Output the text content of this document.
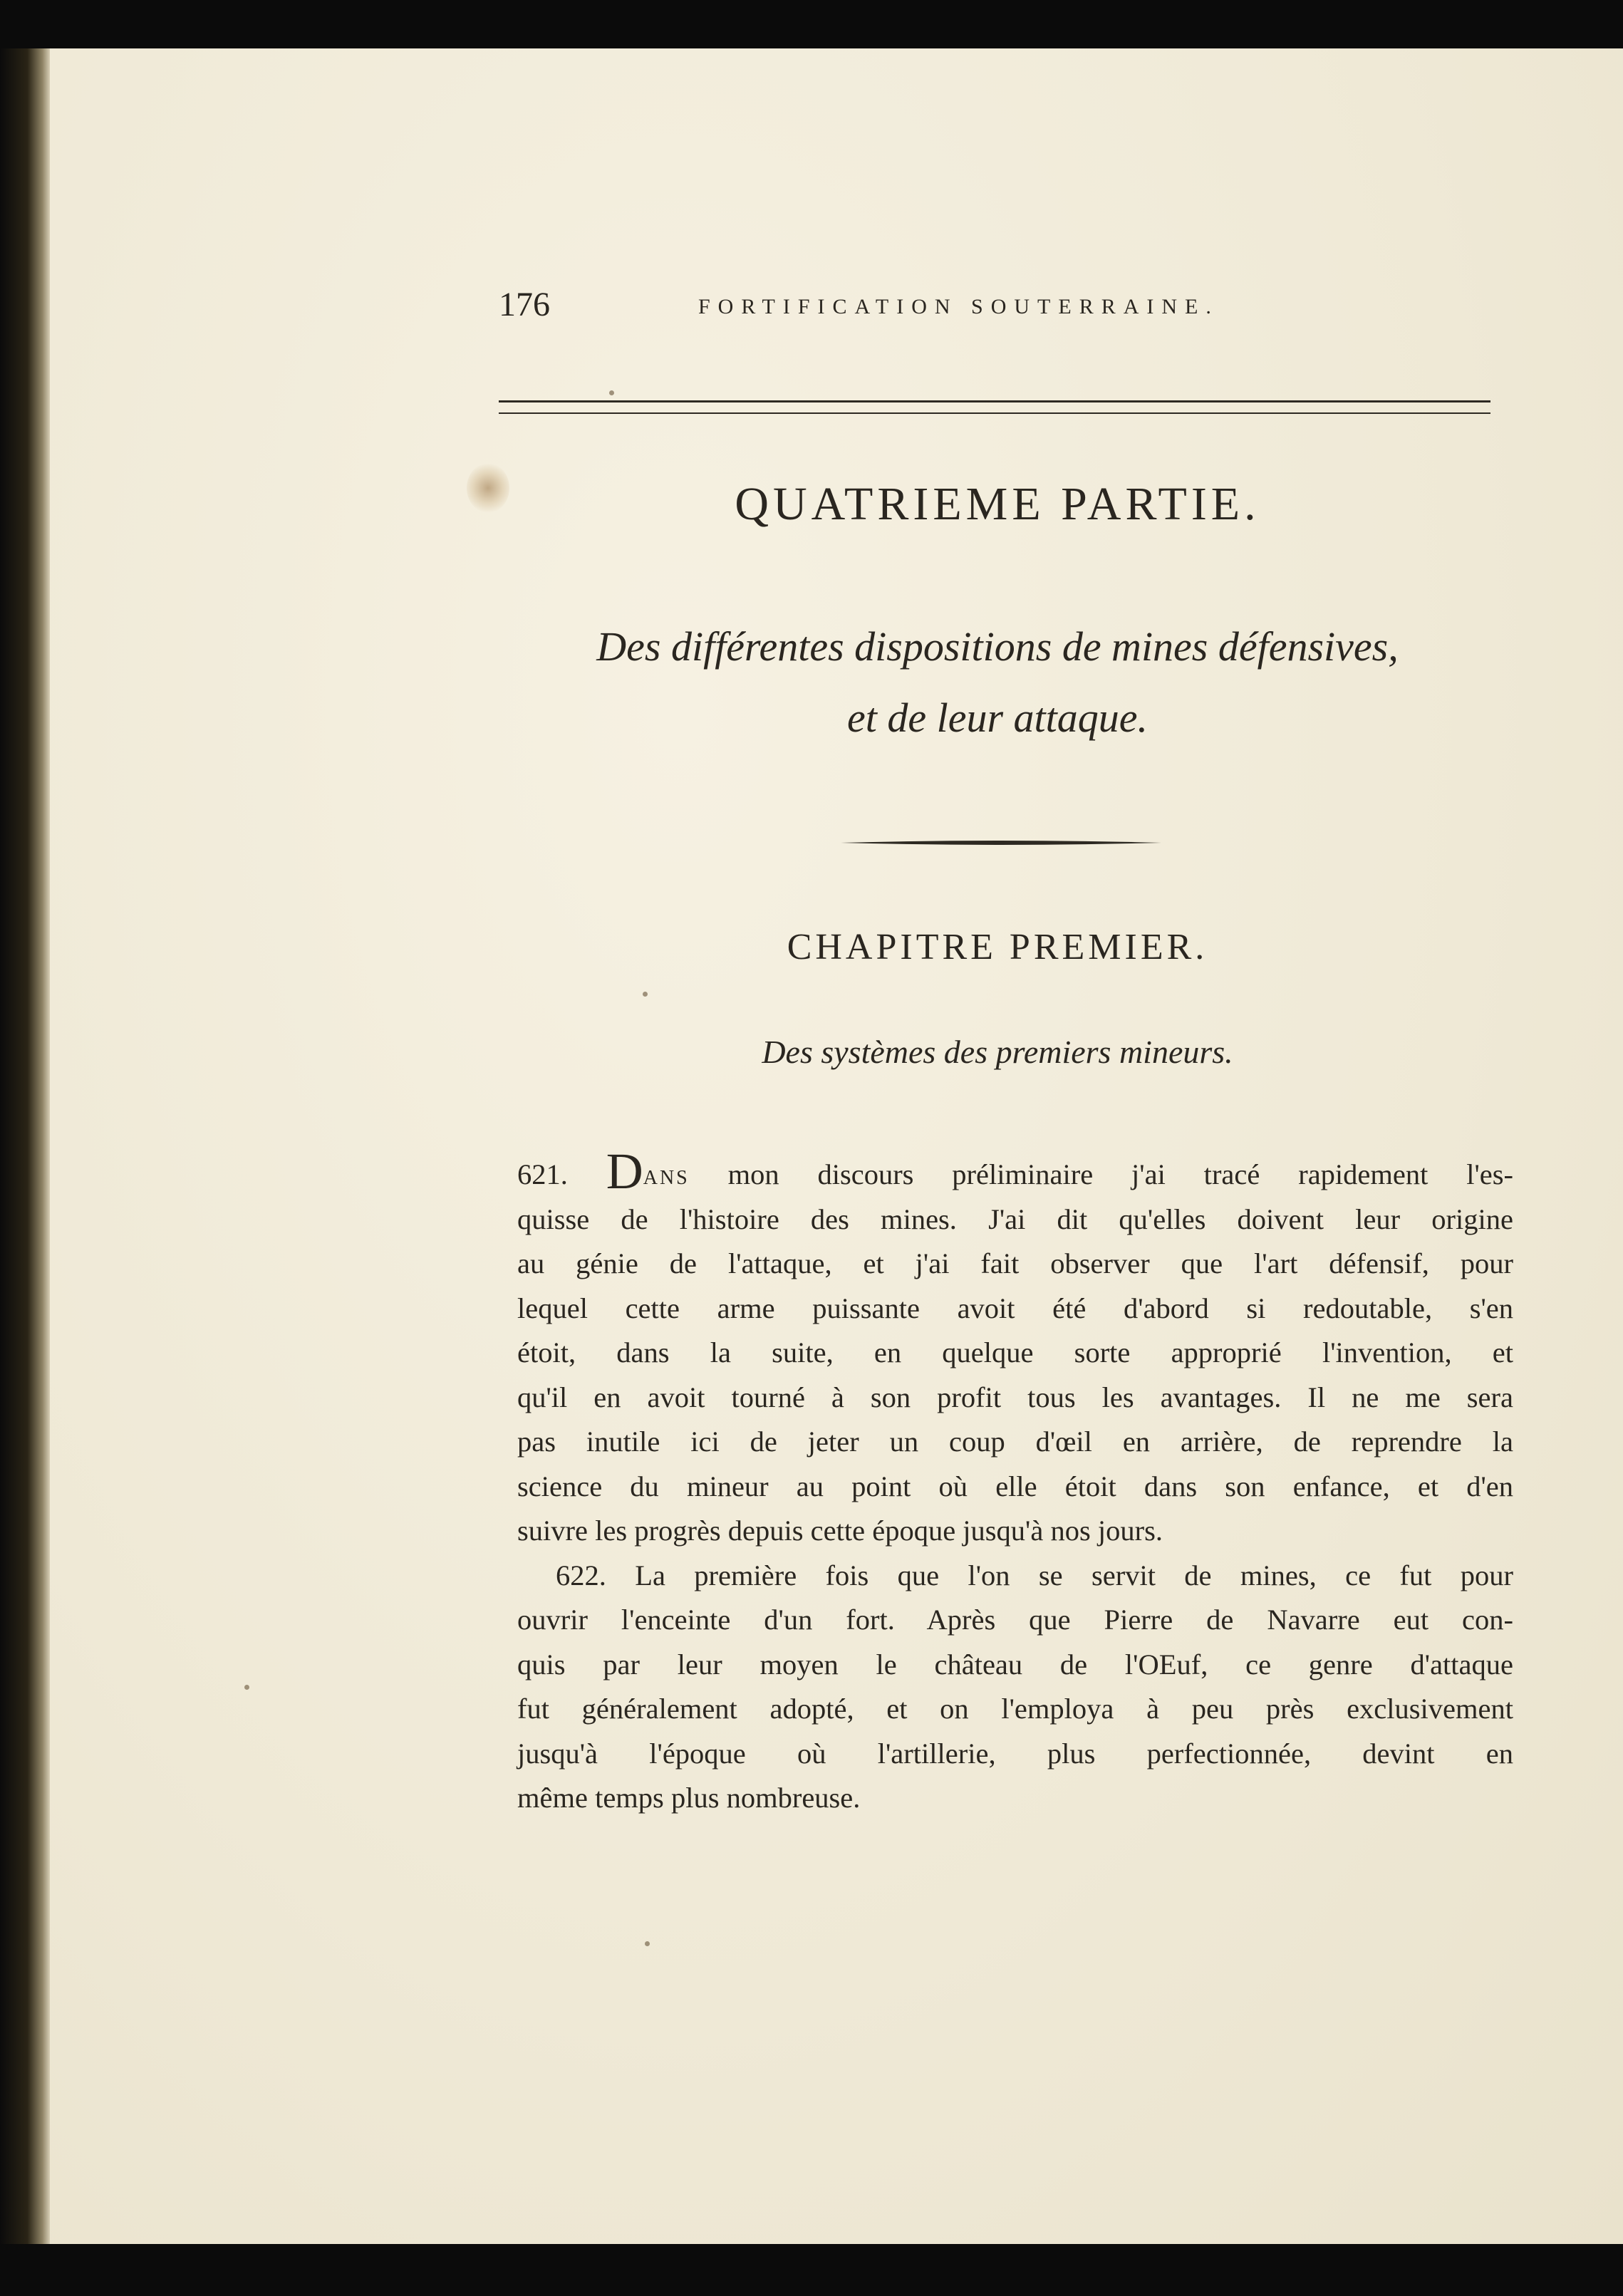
176	FORTIFICATION SOUTERRAINE.
QUATRIEME PARTIE.
Des différentes dispositions de mines défensives,
et de leur attaque.
CHAPITRE PREMIER.
Des systèmes des premiers mineurs.
621. DANS mon discours préliminaire j'ai tracé rapidement l'es-
quisse de l'histoire des mines. J'ai dit qu'elles doivent leur origine
au génie de l'attaque, et j'ai fait observer que l'art défensif, pour
lequel cette arme puissante avoit été d'abord si redoutable, s'en
étoit, dans la suite, en quelque sorte approprié l'invention, et
qu'il en avoit tourné à son profit tous les avantages. Il ne me sera
pas inutile ici de jeter un coup d'œil en arrière, de reprendre la
science du mineur au point où elle étoit dans son enfance, et d'en
suivre les progrès depuis cette époque jusqu'à nos jours.
622. La première fois que l'on se servit de mines, ce fut pour
ouvrir l'enceinte d'un fort. Après que Pierre de Navarre eut con-
quis par leur moyen le château de l'OEuf, ce genre d'attaque
fut généralement adopté, et on l'employa à peu près exclusivement
jusqu'à l'époque où l'artillerie, plus perfectionnée, devint en
même temps plus nombreuse.
